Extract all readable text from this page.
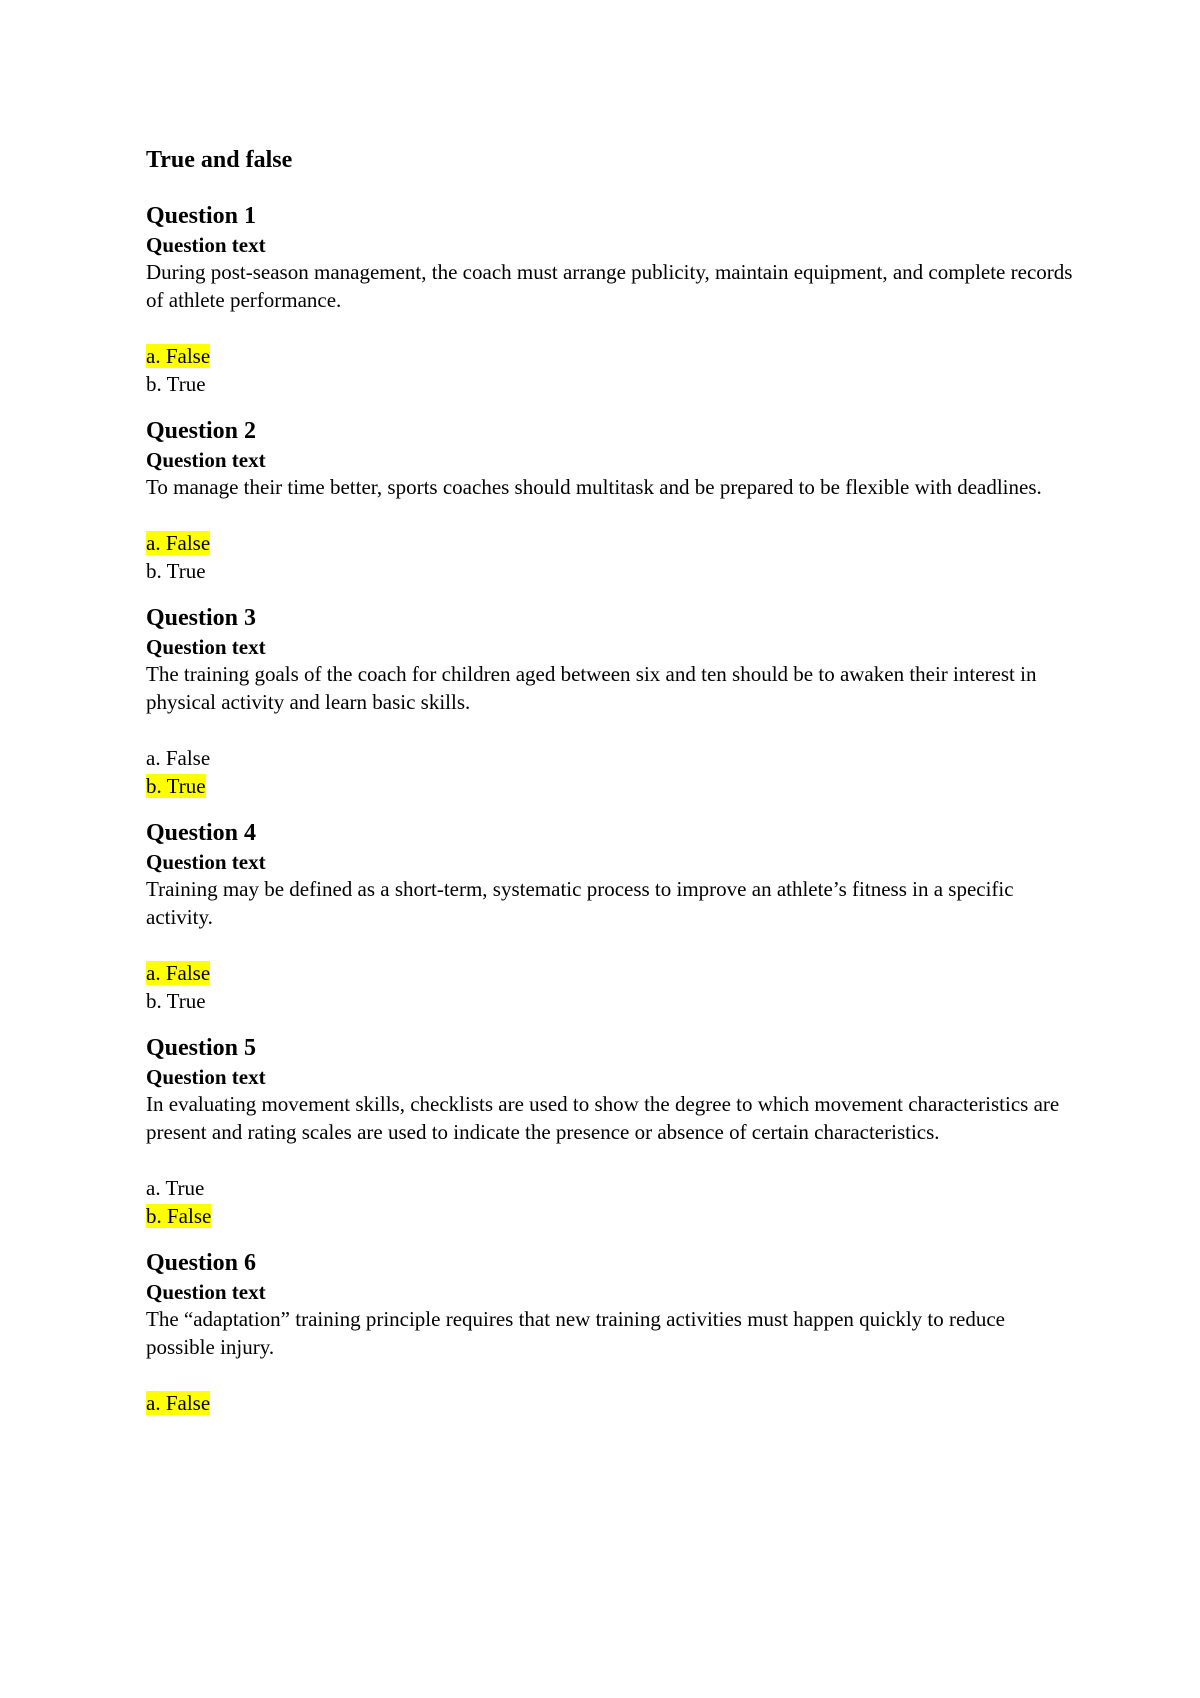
True and false
Question 1
Question text
During post-season management, the coach must arrange publicity, maintain equipment, and complete records of athlete performance.
a. False
b. True
Question 2
Question text
To manage their time better, sports coaches should multitask and be prepared to be flexible with deadlines.
a. False
b. True
Question 3
Question text
The training goals of the coach for children aged between six and ten should be to awaken their interest in physical activity and learn basic skills.
a. False
b. True
Question 4
Question text
Training may be defined as a short-term, systematic process to improve an athlete’s fitness in a specific activity.
a. False
b. True
Question 5
Question text
In evaluating movement skills, checklists are used to show the degree to which movement characteristics are present and rating scales are used to indicate the presence or absence of certain characteristics.
a. True
b. False
Question 6
Question text
The “adaptation” training principle requires that new training activities must happen quickly to reduce possible injury.
a. False
